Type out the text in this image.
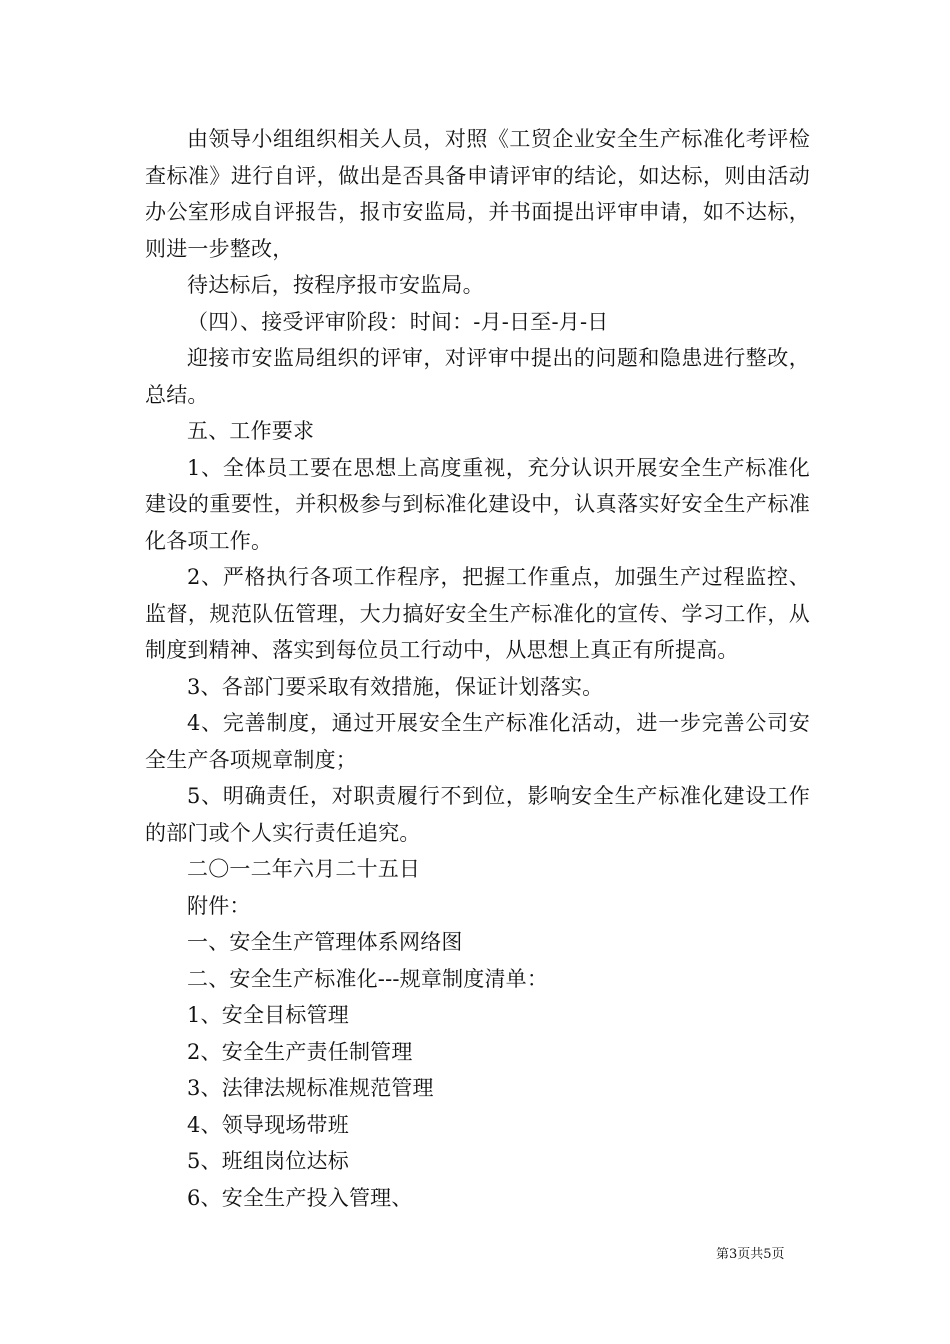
由领导小组组织相关人员，对照《工贸企业安全生产标准化考评检查标准》进行自评，做出是否具备申请评审的结论，如达标，则由活动办公室形成自评报告，报市安监局，并书面提出评审申请，如不达标，则进一步整改，

待达标后，按程序报市安监局。

（四）、接受评审阶段：时间：-月-日至-月-日

迎接市安监局组织的评审，对评审中提出的问题和隐患进行整改，总结。

五、工作要求

1、全体员工要在思想上高度重视，充分认识开展安全生产标准化建设的重要性，并积极参与到标准化建设中，认真落实好安全生产标准化各项工作。

2、严格执行各项工作程序，把握工作重点，加强生产过程监控、监督，规范队伍管理，大力搞好安全生产标准化的宣传、学习工作，从制度到精神、落实到每位员工行动中，从思想上真正有所提高。

3、各部门要采取有效措施，保证计划落实。

4、完善制度，通过开展安全生产标准化活动，进一步完善公司安全生产各项规章制度；

5、明确责任，对职责履行不到位，影响安全生产标准化建设工作的部门或个人实行责任追究。

二〇一二年六月二十五日

附件：

一、安全生产管理体系网络图

二、安全生产标准化---规章制度清单：

1、安全目标管理

2、安全生产责任制管理

3、法律法规标准规范管理

4、领导现场带班

5、班组岗位达标

6、安全生产投入管理、

第3页共5页
